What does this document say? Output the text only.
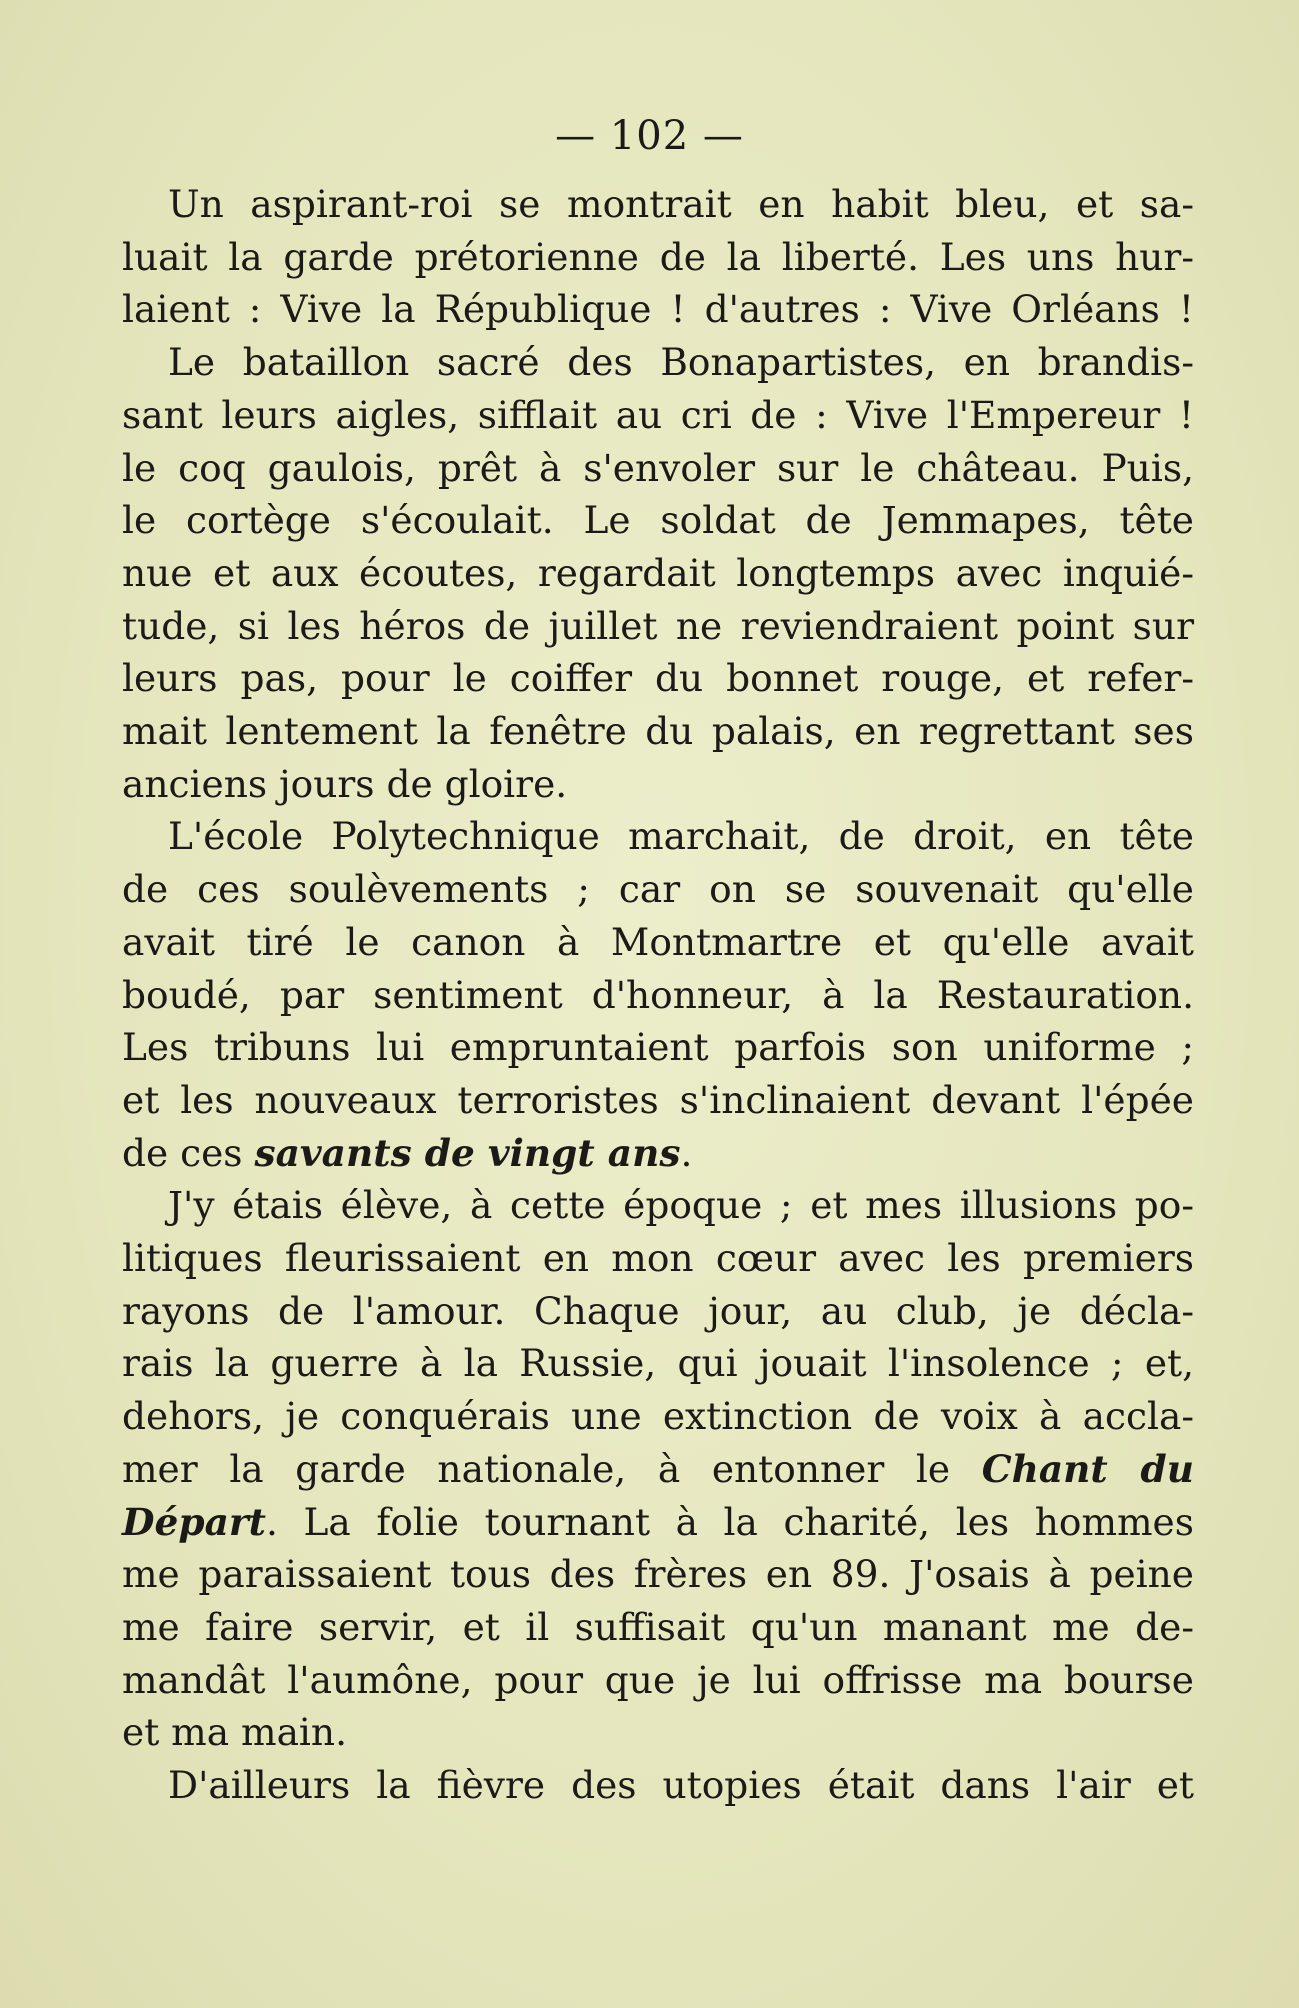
— 102 —
Un aspirant-roi se montrait en habit bleu, et sa-
luait la garde prétorienne de la liberté. Les uns hur-
laient : Vive la République ! d'autres : Vive Orléans !
Le bataillon sacré des Bonapartistes, en brandis-
sant leurs aigles, sifflait au cri de : Vive l'Empereur !
le coq gaulois, prêt à s'envoler sur le château. Puis,
le cortège s'écoulait. Le soldat de Jemmapes, tête
nue et aux écoutes, regardait longtemps avec inquié-
tude, si les héros de juillet ne reviendraient point sur
leurs pas, pour le coiffer du bonnet rouge, et refer-
mait lentement la fenêtre du palais, en regrettant ses
anciens jours de gloire.
L'école Polytechnique marchait, de droit, en tête
de ces soulèvements ; car on se souvenait qu'elle
avait tiré le canon à Montmartre et qu'elle avait
boudé, par sentiment d'honneur, à la Restauration.
Les tribuns lui empruntaient parfois son uniforme ;
et les nouveaux terroristes s'inclinaient devant l'épée
de ces savants de vingt ans.
J'y étais élève, à cette époque ; et mes illusions po-
litiques fleurissaient en mon cœur avec les premiers
rayons de l'amour. Chaque jour, au club, je décla-
rais la guerre à la Russie, qui jouait l'insolence ; et,
dehors, je conquérais une extinction de voix à accla-
mer la garde nationale, à entonner le Chant du
Départ. La folie tournant à la charité, les hommes
me paraissaient tous des frères en 89. J'osais à peine
me faire servir, et il suffisait qu'un manant me de-
mandât l'aumône, pour que je lui offrisse ma bourse
et ma main.
D'ailleurs la fièvre des utopies était dans l'air et
